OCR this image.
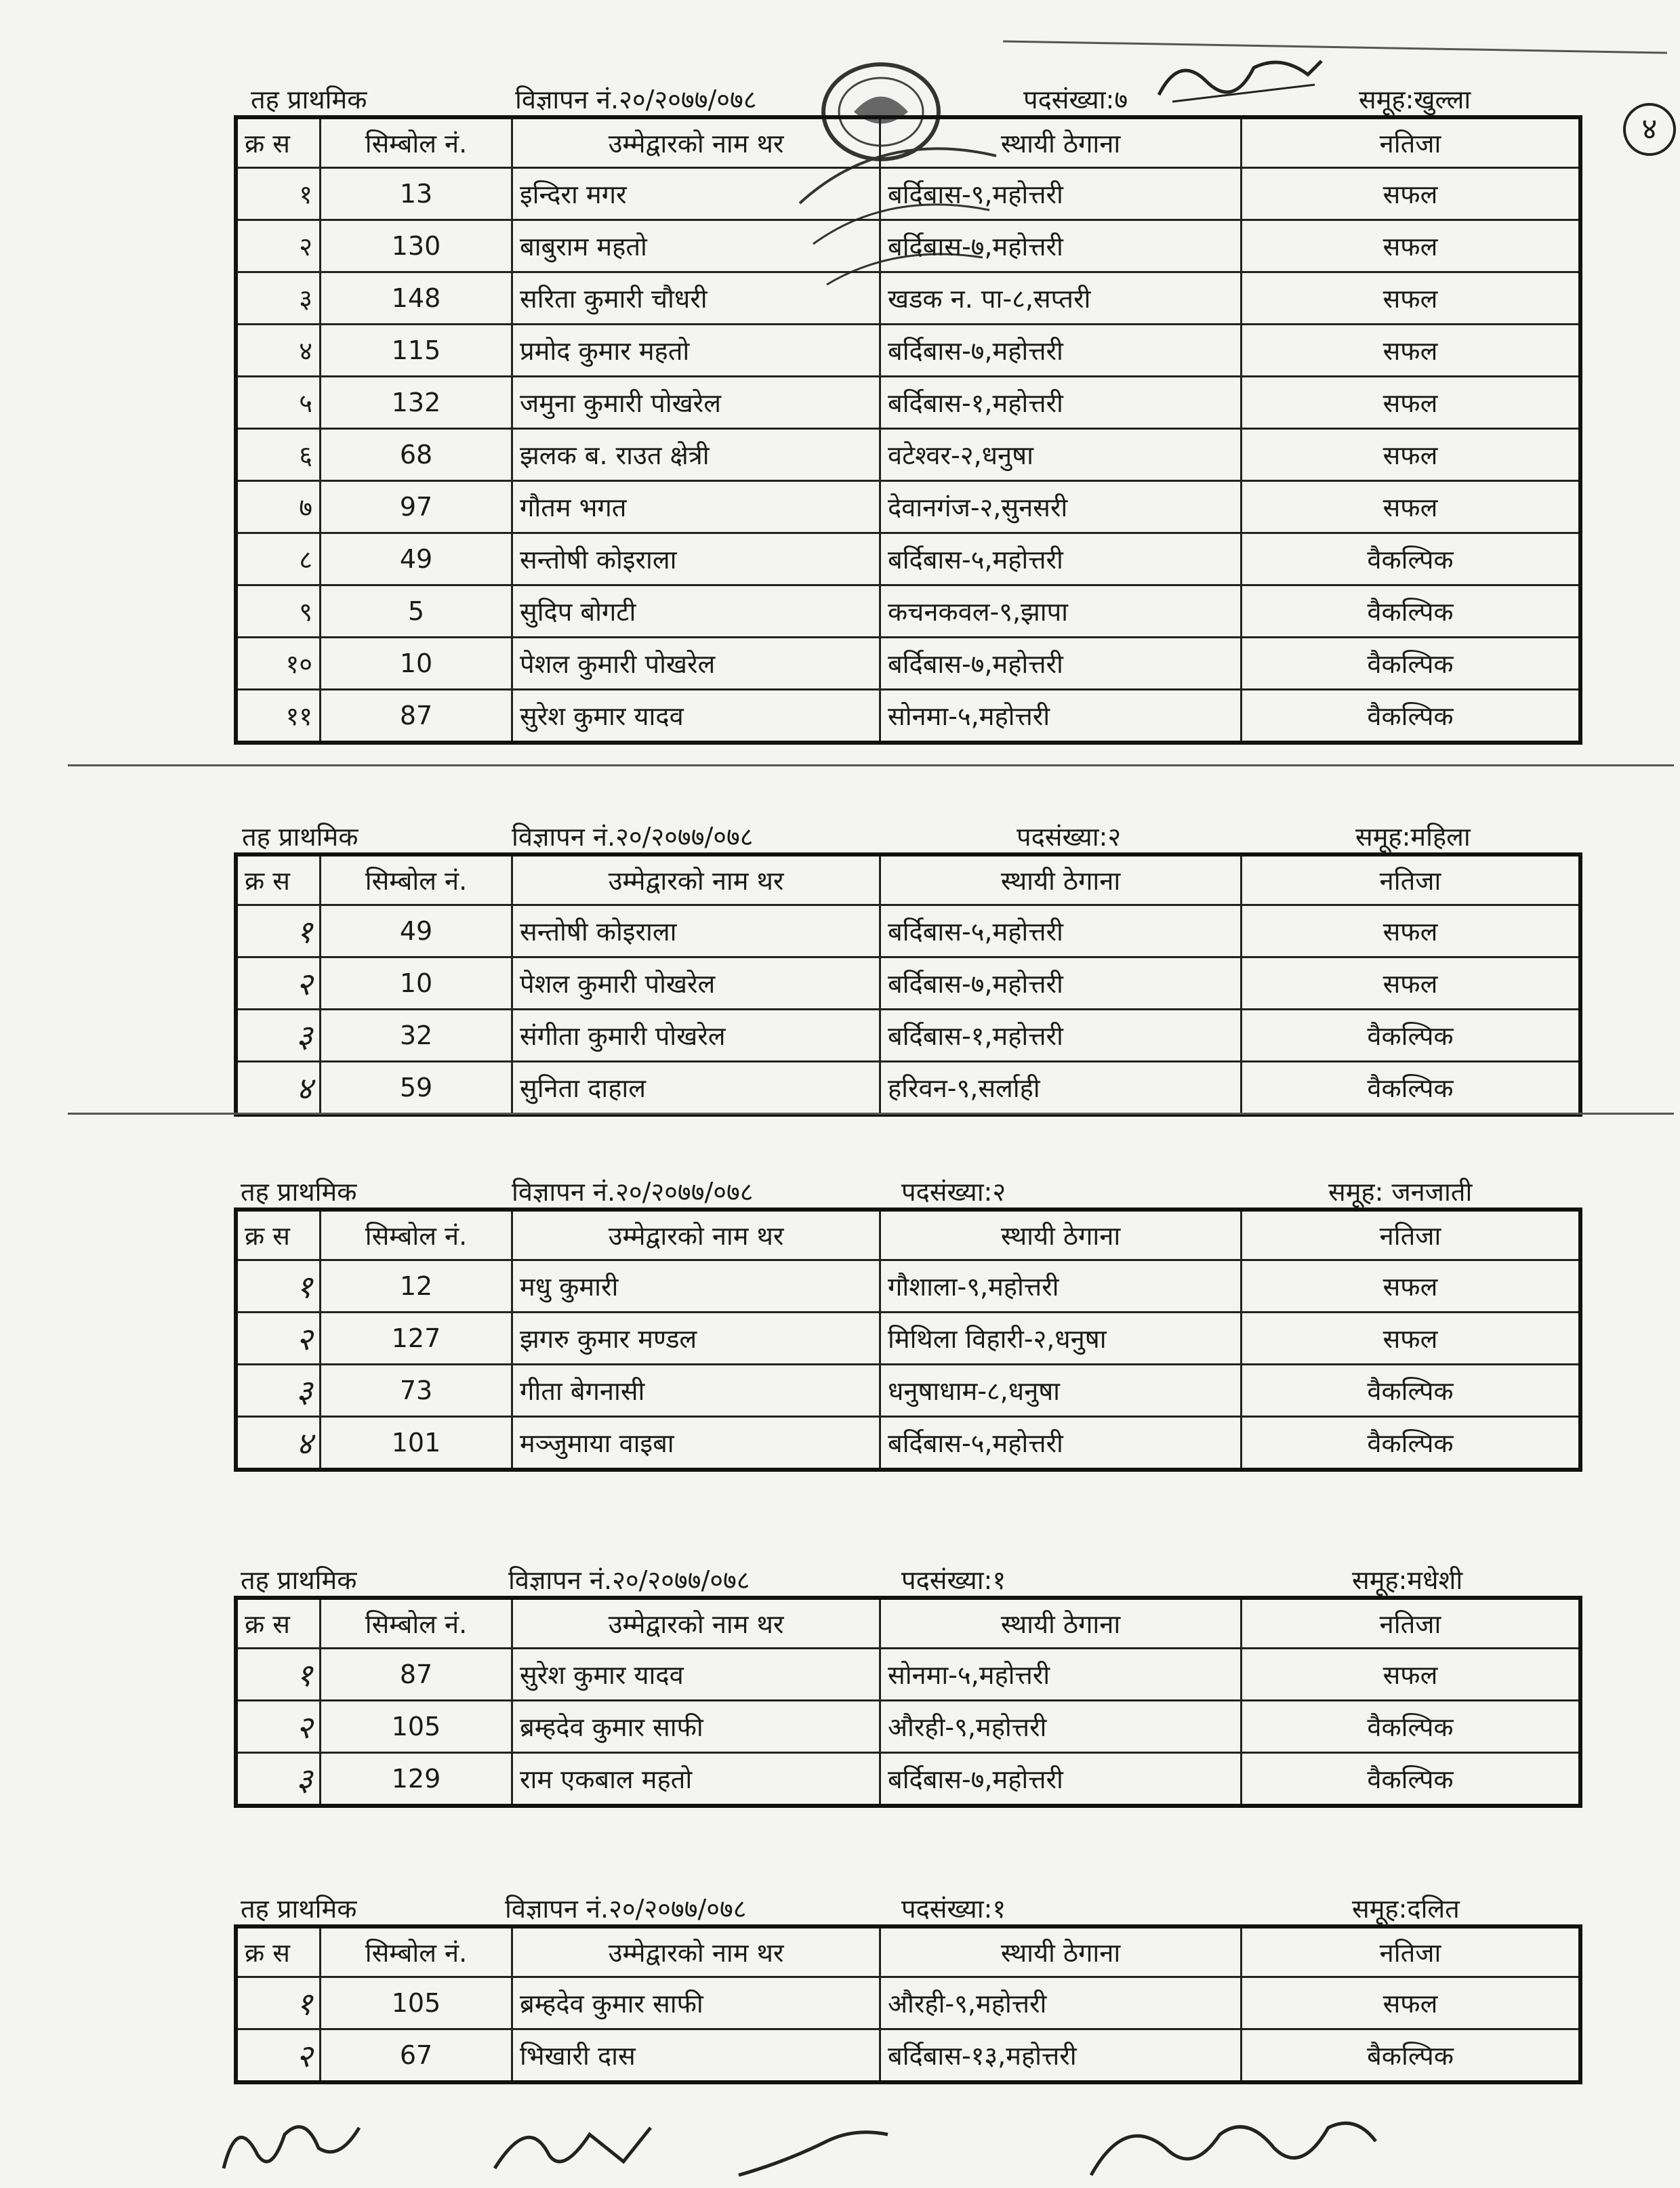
४
तह प्राथमिक	विज्ञापन नं.२०/२०७७/०७८	पदसंख्या:७	समूह:खुल्ला
क्र स	सिम्बोल नं.	उम्मेद्वारको नाम थर	स्थायी ठेगाना	नतिजा
१	13	इन्दिरा मगर	बर्दिबास-९,महोत्तरी	सफल
२	130	बाबुराम महतो	बर्दिबास-७,महोत्तरी	सफल
३	148	सरिता कुमारी चौधरी	खडक न. पा-८,सप्तरी	सफल
४	115	प्रमोद कुमार महतो	बर्दिबास-७,महोत्तरी	सफल
५	132	जमुना कुमारी पोखरेल	बर्दिबास-१,महोत्तरी	सफल
६	68	झलक ब. राउत क्षेत्री	वटेश्वर-२,धनुषा	सफल
७	97	गौतम भगत	देवानगंज-२,सुनसरी	सफल
८	49	सन्तोषी कोइराला	बर्दिबास-५,महोत्तरी	वैकल्पिक
९	5	सुदिप बोगटी	कचनकवल-९,झापा	वैकल्पिक
१०	10	पेशल कुमारी पोखरेल	बर्दिबास-७,महोत्तरी	वैकल्पिक
११	87	सुरेश कुमार यादव	सोनमा-५,महोत्तरी	वैकल्पिक
तह प्राथमिक	विज्ञापन नं.२०/२०७७/०७८	पदसंख्या:२	समूह:महिला
क्र स	सिम्बोल नं.	उम्मेद्वारको नाम थर	स्थायी ठेगाना	नतिजा
१	49	सन्तोषी कोइराला	बर्दिबास-५,महोत्तरी	सफल
२	10	पेशल कुमारी पोखरेल	बर्दिबास-७,महोत्तरी	सफल
३	32	संगीता कुमारी पोखरेल	बर्दिबास-१,महोत्तरी	वैकल्पिक
४	59	सुनिता दाहाल	हरिवन-९,सर्लाही	वैकल्पिक
तह प्राथमिक	विज्ञापन नं.२०/२०७७/०७८	पदसंख्या:२	समूह: जनजाती
क्र स	सिम्बोल नं.	उम्मेद्वारको नाम थर	स्थायी ठेगाना	नतिजा
१	12	मधु कुमारी	गौशाला-९,महोत्तरी	सफल
२	127	झगरु कुमार मण्डल	मिथिला विहारी-२,धनुषा	सफल
३	73	गीता बेगनासी	धनुषाधाम-८,धनुषा	वैकल्पिक
४	101	मञ्जुमाया वाइबा	बर्दिबास-५,महोत्तरी	वैकल्पिक
तह प्राथमिक	विज्ञापन नं.२०/२०७७/०७८	पदसंख्या:१	समूह:मधेशी
क्र स	सिम्बोल नं.	उम्मेद्वारको नाम थर	स्थायी ठेगाना	नतिजा
१	87	सुरेश कुमार यादव	सोनमा-५,महोत्तरी	सफल
२	105	ब्रम्हदेव कुमार साफी	औरही-९,महोत्तरी	वैकल्पिक
३	129	राम एकबाल महतो	बर्दिबास-७,महोत्तरी	वैकल्पिक
तह प्राथमिक	विज्ञापन नं.२०/२०७७/०७८	पदसंख्या:१	समूह:दलित
क्र स	सिम्बोल नं.	उम्मेद्वारको नाम थर	स्थायी ठेगाना	नतिजा
१	105	ब्रम्हदेव कुमार साफी	औरही-९,महोत्तरी	सफल
२	67	भिखारी दास	बर्दिबास-१३,महोत्तरी	बैकल्पिक
